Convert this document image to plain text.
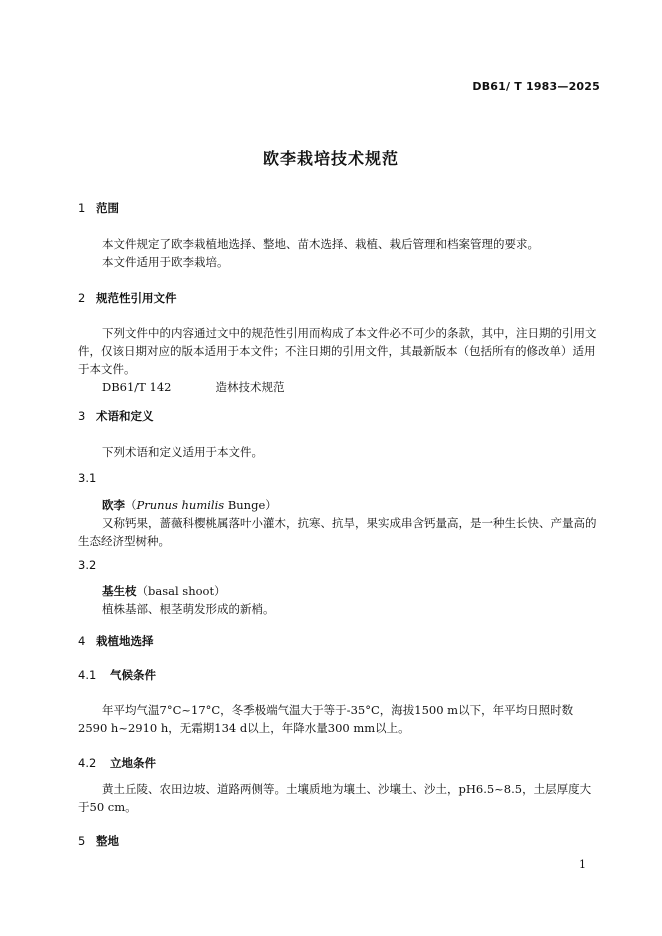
DB61/ T 1983—2025
欧李栽培技术规范
1 范围
本文件规定了欧李栽植地选择、整地、苗木选择、栽植、栽后管理和档案管理的要求。
本文件适用于欧李栽培。
2 规范性引用文件
下列文件中的内容通过文中的规范性引用而构成了本文件必不可少的条款，其中，注日期的引用文件，仅该日期对应的版本适用于本文件；不注日期的引用文件，其最新版本（包括所有的修改单）适用于本文件。
DB61/T 142	造林技术规范
3 术语和定义
下列术语和定义适用于本文件。
3.1
欧李（Prunus humilis Bunge）
又称钙果，蔷薇科樱桃属落叶小灌木，抗寒、抗旱，果实成串含钙量高，是一种生长快、产量高的生态经济型树种。
3.2
基生枝（basal shoot）
植株基部、根茎萌发形成的新梢。
4 栽植地选择
4.1 气候条件
年平均气温7°C~17°C，冬季极端气温大于等于-35°C，海拔1500 m以下，年平均日照时数2590 h~2910 h，无霜期134 d以上，年降水量300 mm以上。
4.2 立地条件
黄土丘陵、农田边坡、道路两侧等。土壤质地为壤土、沙壤土、沙土，pH6.5~8.5，土层厚度大于50 cm。
5 整地
1
